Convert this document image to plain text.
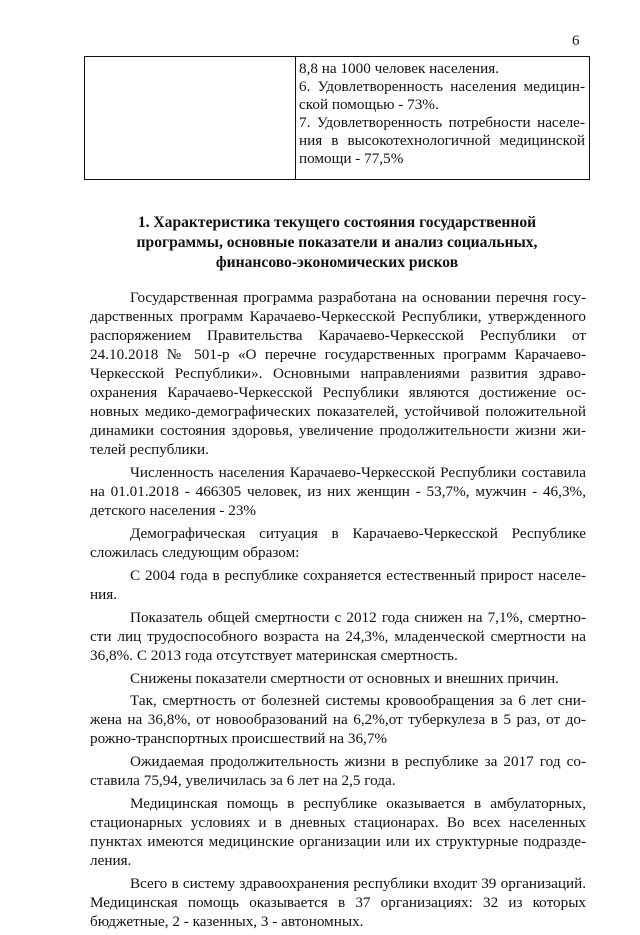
6

8,8 на 1000 человек населения.

6. Удовлетворенность населения медицинской помощью - 73%.

7. Удовлетворенность потребности населения в высокотехнологичной медицинской помощи - 77,5%

1. Характеристика текущего состояния государственной программы, основные показатели и анализ социальных, финансово-экономических рисков

Государственная программа разработана на основании перечня государственных программ Карачаево-Черкесской Республики, утвержденного распоряжением Правительства Карачаево-Черкесской Республики от 24.10.2018 № 501-р «О перечне государственных программ Карачаево-Черкесской Республики». Основными направлениями развития здравоохранения Карачаево-Черкесской Республики являются достижение основных медико-демографических показателей, устойчивой положительной динамики состояния здоровья, увеличение продолжительности жизни жителей республики.

Численность населения Карачаево-Черкесской Республики составила на 01.01.2018 - 466305 человек, из них женщин - 53,7%, мужчин - 46,3%, детского населения - 23%

Демографическая ситуация в Карачаево-Черкесской Республике сложилась следующим образом:

С 2004 года в республике сохраняется естественный прирост населения.

Показатель общей смертности с 2012 года снижен на 7,1%, смертности лиц трудоспособного возраста на 24,3%, младенческой смертности на 36,8%. С 2013 года отсутствует материнская смертность.

Снижены показатели смертности от основных и внешних причин.

Так, смертность от болезней системы кровообращения за 6 лет снижена на 36,8%, от новообразований на 6,2%,от туберкулеза в 5 раз, от дорожно-транспортных происшествий на 36,7%

Ожидаемая продолжительность жизни в республике за 2017 год составила 75,94, увеличилась за 6 лет на 2,5 года.

Медицинская помощь в республике оказывается в амбулаторных, стационарных условиях и в дневных стационарах. Во всех населенных пунктах имеются медицинские организации или их структурные подразделения.

Всего в систему здравоохранения республики входит 39 организаций. Медицинская помощь оказывается в 37 организациях: 32 из которых бюджетные, 2 - казенных, 3 - автономных.
